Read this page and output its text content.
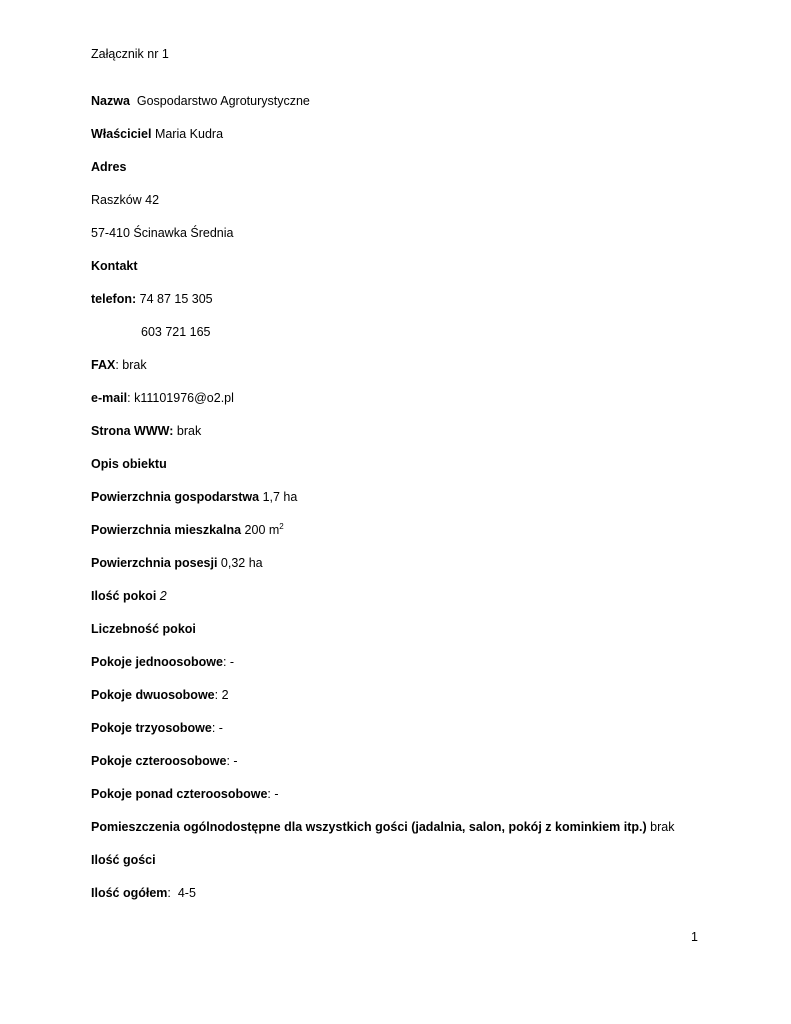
Załącznik nr 1
Nazwa Gospodarstwo Agroturystyczne
Właściciel Maria Kudra
Adres
Raszków 42
57-410 Ścinawka Średnia
Kontakt
telefon: 74 87 15 305
603 721 165
FAX: brak
e-mail: k11101976@o2.pl
Strona WWW: brak
Opis obiektu
Powierzchnia gospodarstwa 1,7 ha
Powierzchnia mieszkalna 200 $m^2$
Powierzchnia posesji 0,32 ha
Ilość pokoi 2
Liczebność pokoi
Pokoje jednoosobowe: -
Pokoje dwuosobowe: 2
Pokoje trzyosobowe: -
Pokoje czteroosobowe: -
Pokoje ponad czteroosobowe: -
Pomieszczenia ogólnodostępne dla wszystkich gości (jadalnia, salon, pokój z kominkiem itp.) brak
Ilość gości
Ilość ogółem:  4-5
1
